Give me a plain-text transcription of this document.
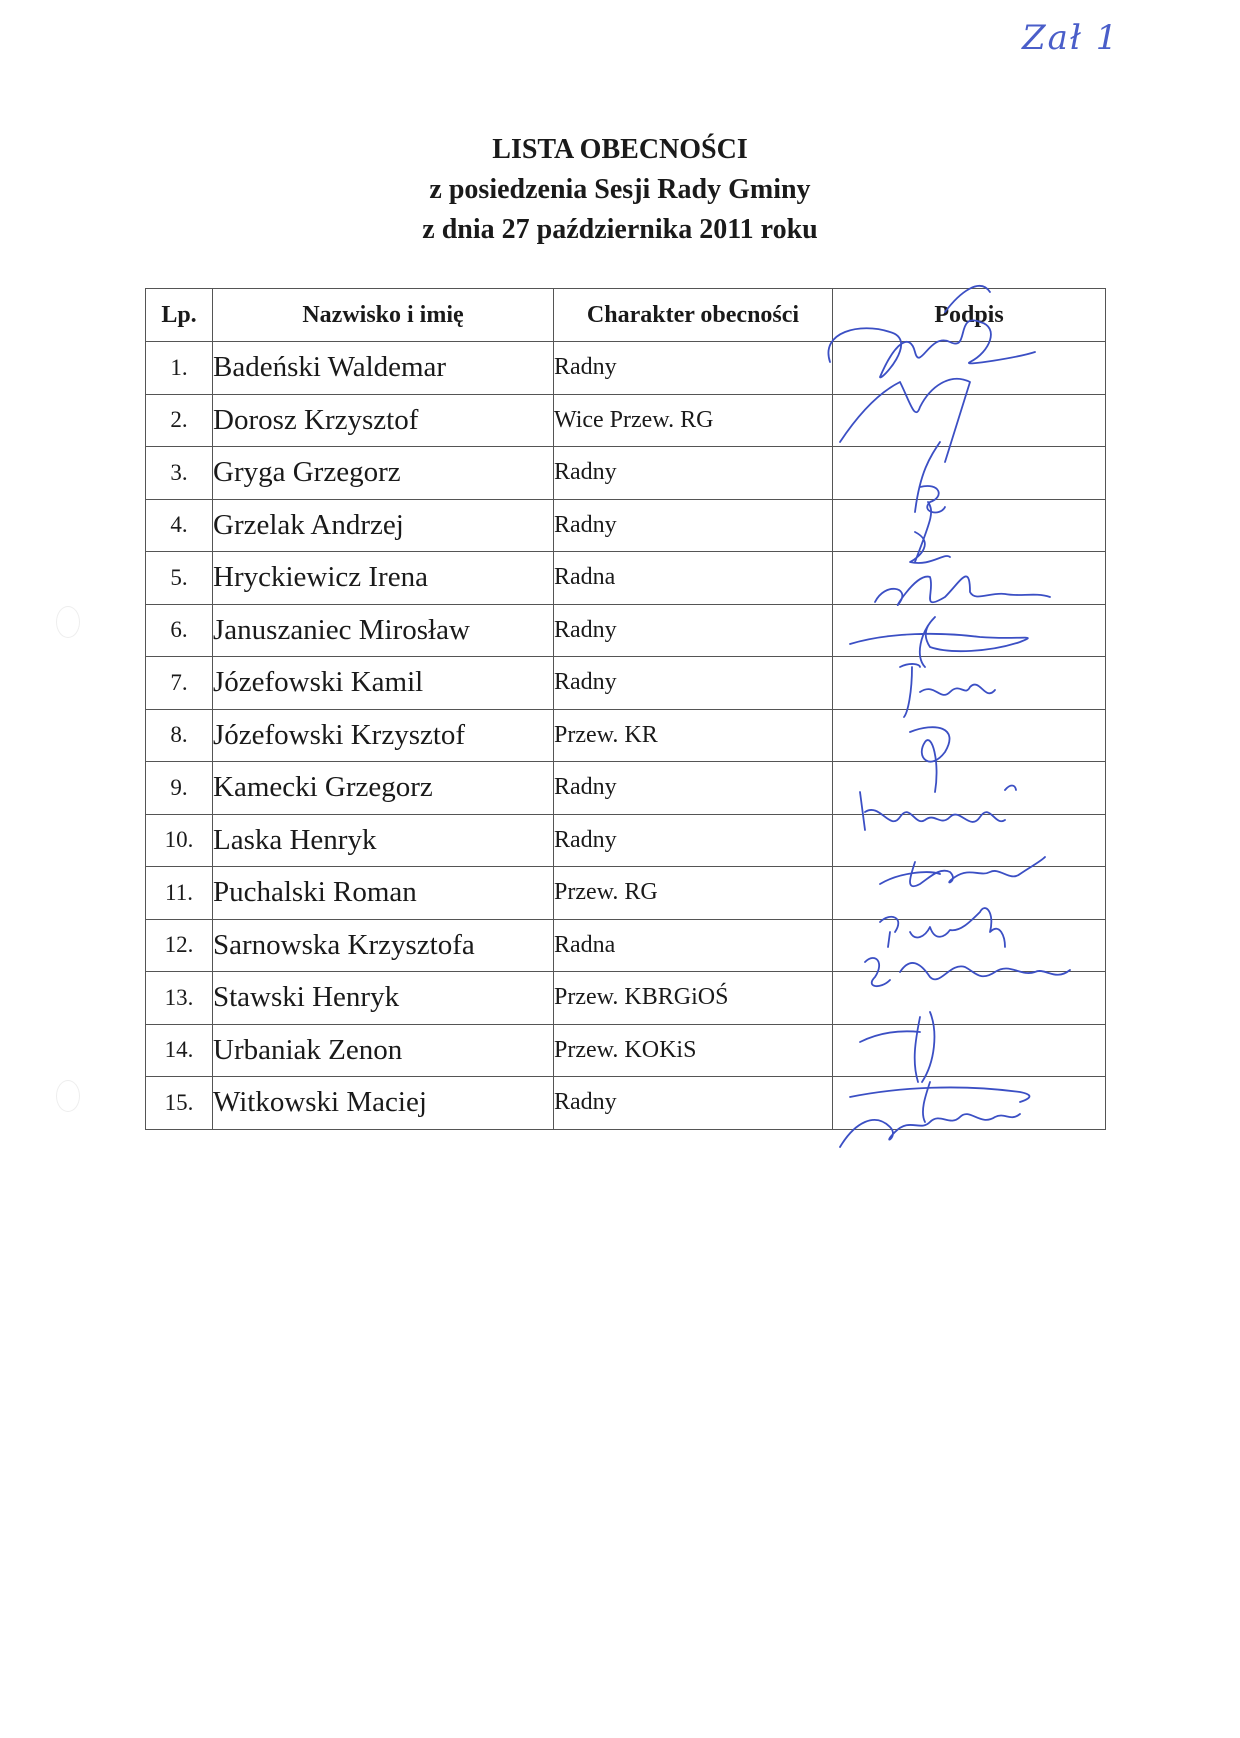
Zał 1
LISTA OBECNOŚCI
z posiedzenia Sesji Rady Gminy
z dnia 27 października 2011 roku
Lp.	Nazwisko i imię	Charakter obecności	Podpis
1.	Badeński Waldemar	Radny	
2.	Dorosz Krzysztof	Wice Przew. RG	
3.	Gryga Grzegorz	Radny	
4.	Grzelak Andrzej	Radny	
5.	Hryckiewicz Irena	Radna	
6.	Januszaniec Mirosław	Radny	
7.	Józefowski Kamil	Radny	
8.	Józefowski Krzysztof	Przew. KR	
9.	Kamecki Grzegorz	Radny	
10.	Laska Henryk	Radny	
11.	Puchalski Roman	Przew. RG	
12.	Sarnowska Krzysztofa	Radna	
13.	Stawski Henryk	Przew. KBRGiOŚ	
14.	Urbaniak Zenon	Przew. KOKiS	
15.	Witkowski Maciej	Radny	
